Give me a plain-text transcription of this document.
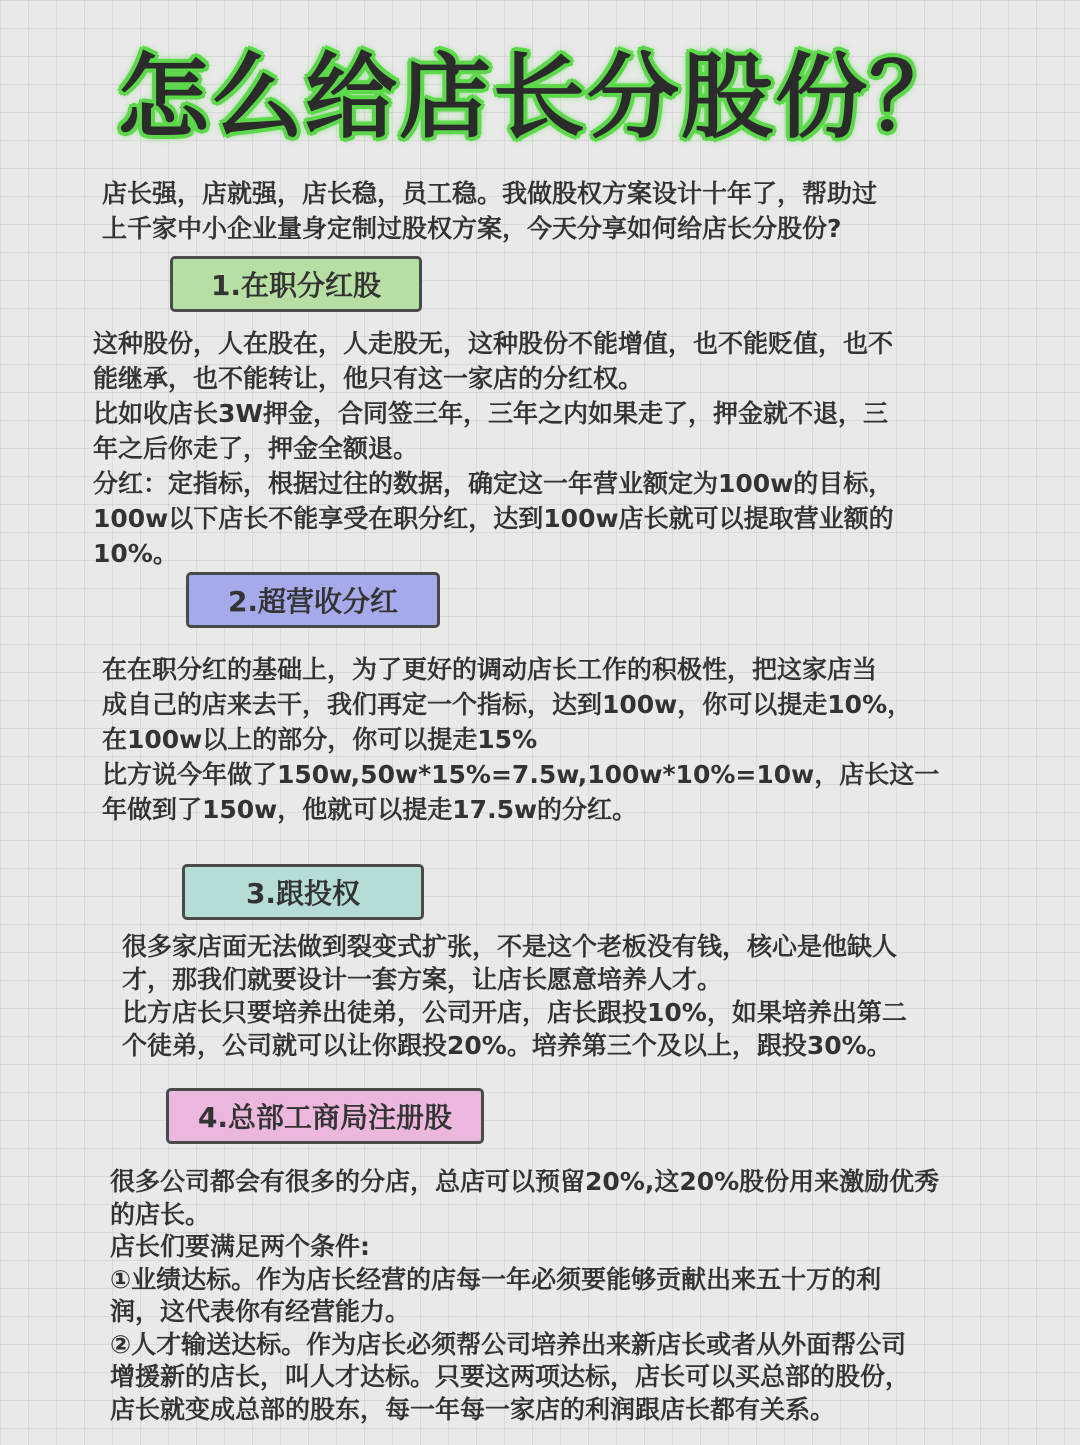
怎么给店长分股份？

店长强，店就强，店长稳，员工稳。我做股权方案设计十年了，帮助过

上千家中小企业量身定制过股权方案，今天分享如何给店长分股份?

1.在职分红股

这种股份，人在股在，人走股无，这种股份不能增值，也不能贬值，也不

能继承，也不能转让，他只有这一家店的分红权。

比如收店长3W押金，合同签三年，三年之内如果走了，押金就不退，三

年之后你走了，押金全额退。

分红：定指标，根据过往的数据，确定这一年营业额定为100w的目标，

100w以下店长不能享受在职分红，达到100w店长就可以提取营业额的

10%。

2.超营收分红

在在职分红的基础上，为了更好的调动店长工作的积极性，把这家店当

成自己的店来去干，我们再定一个指标，达到100w，你可以提走10%，

在100w以上的部分，你可以提走15%

比方说今年做了150w,50w*15%=7.5w,100w*10%=10w，店长这一

年做到了150w，他就可以提走17.5w的分红。

3.跟投权

很多家店面无法做到裂变式扩张，不是这个老板没有钱，核心是他缺人

才，那我们就要设计一套方案，让店长愿意培养人才。

比方店长只要培养出徒弟，公司开店，店长跟投10%，如果培养出第二

个徒弟，公司就可以让你跟投20%。培养第三个及以上，跟投30%。

4.总部工商局注册股

很多公司都会有很多的分店，总店可以预留20%,这20%股份用来激励优秀

的店长。

店长们要满足两个条件:

①业绩达标。作为店长经营的店每一年必须要能够贡献出来五十万的利

润，这代表你有经营能力。

②人才输送达标。作为店长必须帮公司培养出来新店长或者从外面帮公司

增援新的店长，叫人才达标。只要这两项达标，店长可以买总部的股份，

店长就变成总部的股东，每一年每一家店的利润跟店长都有关系。
